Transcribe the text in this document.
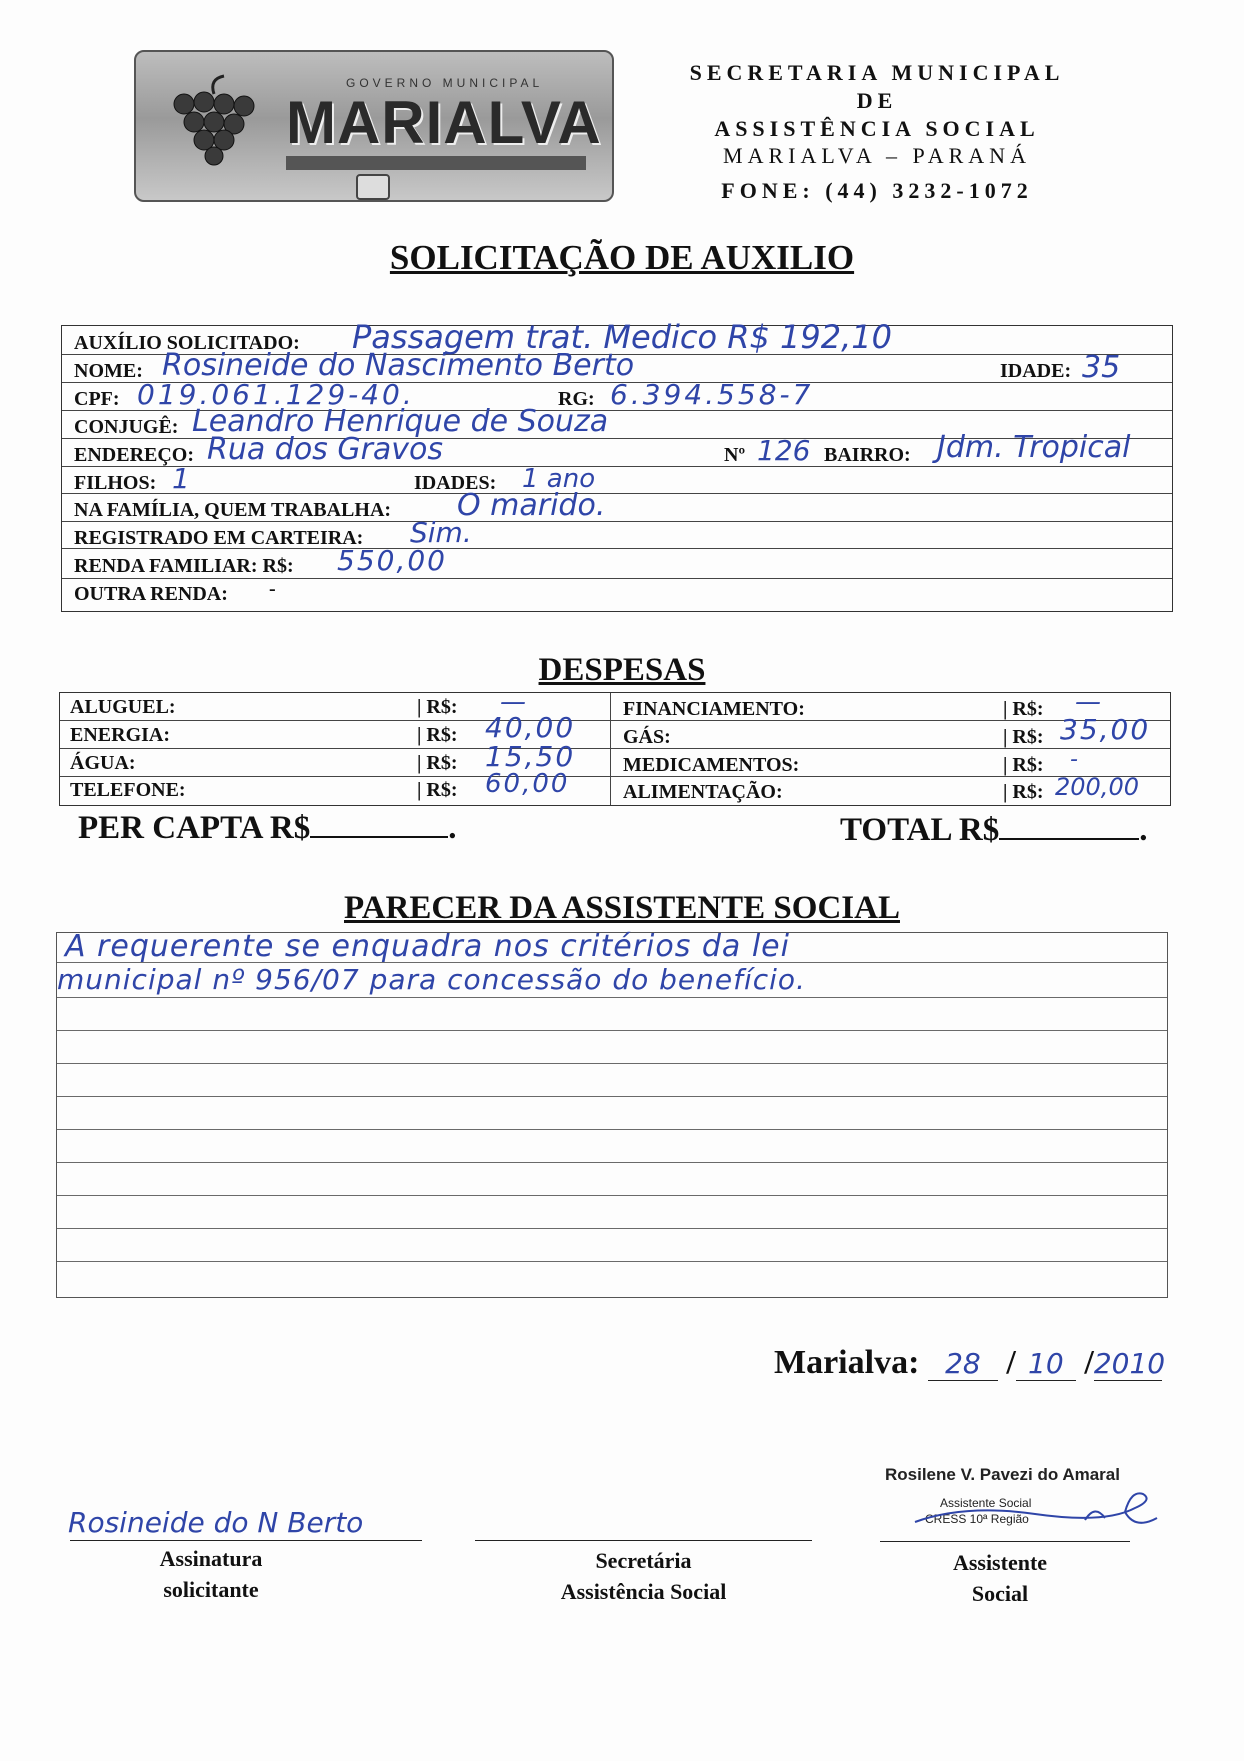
GOVERNO MUNICIPAL
MARIALVA
SECRETARIA MUNICIPAL
DE
ASSISTÊNCIA SOCIAL
MARIALVA – PARANÁ
FONE: (44) 3232-1072
SOLICITAÇÃO DE AUXILIO
AUXÍLIO SOLICITADO: Passagem trat. Medico R$ 192,10
NOME: Rosineide do Nascimento Berto	IDADE: 35
CPF: 019.061.129-40.	RG: 6.394.558-7
CONJUGÊ: Leandro Henrique de Souza
ENDEREÇO: Rua dos Gravos	Nº 126 BAIRRO: Jdm. Tropical
FILHOS: 1	IDADES: 1 ano
NA FAMÍLIA, QUEM TRABALHA: O marido.
REGISTRADO EM CARTEIRA: Sim.
RENDA FAMILIAR: R$: 550,00
OUTRA RENDA: -
DESPESAS
ALUGUEL:	| R$: —
ENERGIA:	| R$: 40,00
ÁGUA:	| R$: 15,50
TELEFONE:	| R$: 60,00
FINANCIAMENTO:	| R$: —
GÁS:	| R$: 35,00
MEDICAMENTOS:	| R$: -
ALIMENTAÇÃO:	| R$: 200,00
PER CAPTA R$	.	TOTAL R$	.
PARECER DA ASSISTENTE SOCIAL
A requerente se enquadra nos critérios da lei
municipal nº 956/07 para concessão do benefício.
Marialva: 28 / 10 /2010
Rosineide do N Berto
Assinatura
solicitante
Secretária
Assistência Social
Rosilene V. Pavezi do Amaral
Assistente Social
CRESS 10ª Região
Assistente
Social
